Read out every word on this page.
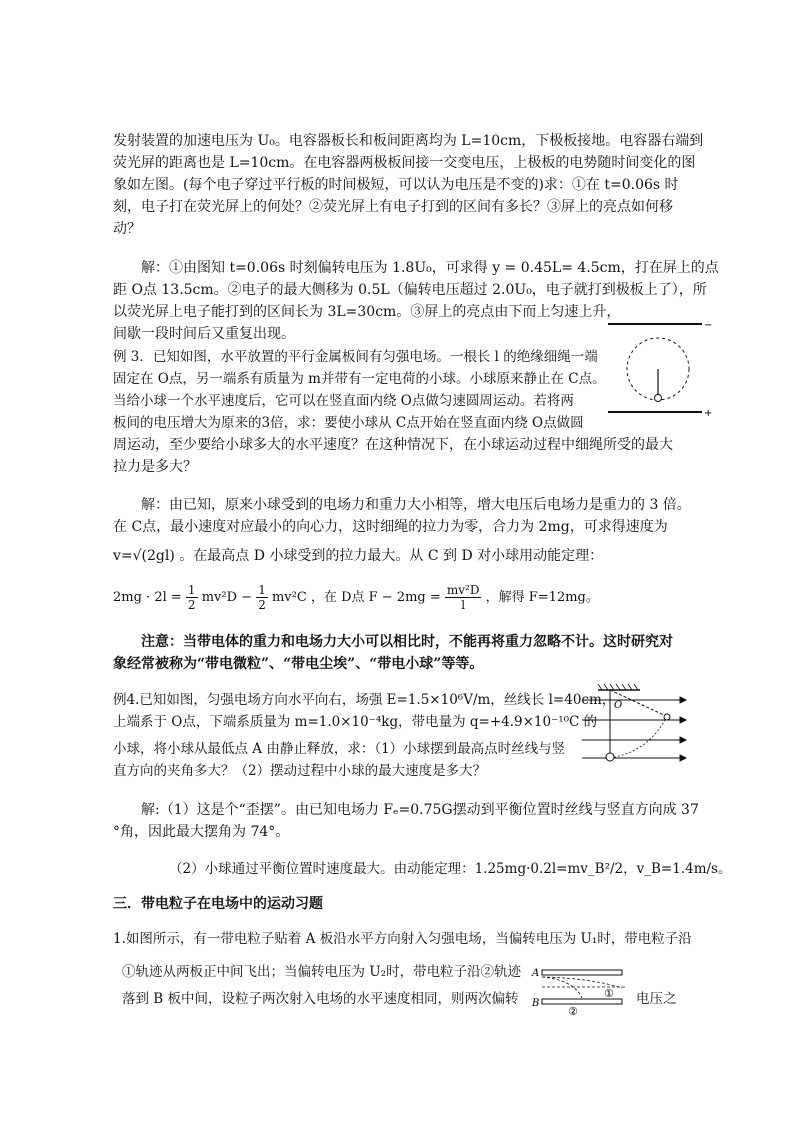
发射装置的加速电压为 U₀。电容器板长和板间距离均为 L=10cm，下极板接地。电容器右端到
荧光屏的距离也是 L=10cm。在电容器两极板间接一交变电压，上极板的电势随时间变化的图
象如左图。(每个电子穿过平行板的时间极短，可以认为电压是不变的)求：①在 t=0.06s 时
刻，电子打在荧光屏上的何处？②荧光屏上有电子打到的区间有多长？③屏上的亮点如何移
动？
解：①由图知 t=0.06s 时刻偏转电压为 1.8U₀，可求得 y = 0.45L= 4.5cm，打在屏上的点
距 O点 13.5cm。②电子的最大侧移为 0.5L（偏转电压超过 2.0U₀，电子就打到极板上了），所
以荧光屏上电子能打到的区间长为 3L=30cm。③屏上的亮点由下而上匀速上升，
间歇一段时间后又重复出现。
例 3．已知如图，水平放置的平行金属板间有匀强电场。一根长 l 的绝缘细绳一端
固定在 O点，另一端系有质量为 m并带有一定电荷的小球。小球原来静止在 C点。
当给小球一个水平速度后，它可以在竖直面内绕 O点做匀速圆周运动。若将两
板间的电压增大为原来的3倍，求：要使小球从 C点开始在竖直面内绕 O点做圆
周运动，至少要给小球多大的水平速度？在这种情况下，在小球运动过程中细绳所受的最大
拉力是多大？
−
+
解：由已知，原来小球受到的电场力和重力大小相等，增大电压后电场力是重力的 3 倍。
在 C点，最小速度对应最小的向心力，这时细绳的拉力为零，合力为 2mg，可求得速度为
v=√(2gl) 。在最高点 D 小球受到的拉力最大。从 C 到 D 对小球用动能定理：
$2mg \cdot 2l = \frac{1}{2} mv^2D - \frac{1}{2} mv^2C$ ，在 D点 $F - 2mg = \frac{\text{mv²D}}{l}$ ，解得 F=12mg。
注意：当带电体的重力和电场力大小可以相比时，不能再将重力忽略不计。这时研究对
象经常被称为“带电微粒”、“带电尘埃”、“带电小球”等等。
例4.已知如图，匀强电场方向水平向右，场强 E=1.5×10⁶V/m，丝线长 l=40cm，
上端系于 O点，下端系质量为 m=1.0×10⁻⁴kg，带电量为 q=+4.9×10⁻¹⁰C 的
小球，将小球从最低点 A 由静止释放，求：（1）小球摆到最高点时丝线与竖
直方向的夹角多大？（2）摆动过程中小球的最大速度是多大？
O
解:（1）这是个“歪摆”。由已知电场力 Fₑ=0.75G摆动到平衡位置时丝线与竖直方向成 37
°角，因此最大摆角为 74°。
（2）小球通过平衡位置时速度最大。由动能定理：1.25mg·0.2l=mv_B²/2，v_B=1.4m/s。
三．带电粒子在电场中的运动习题
1.如图所示，有一带电粒子贴着 A 板沿水平方向射入匀强电场，当偏转电压为 U₁时，带电粒子沿
①轨迹从两板正中间飞出；当偏转电压为 U₂时，带电粒子沿②轨迹
落到 B 板中间，设粒子两次射入电场的水平速度相同，则两次偏转	电压之
A
B
①
②
